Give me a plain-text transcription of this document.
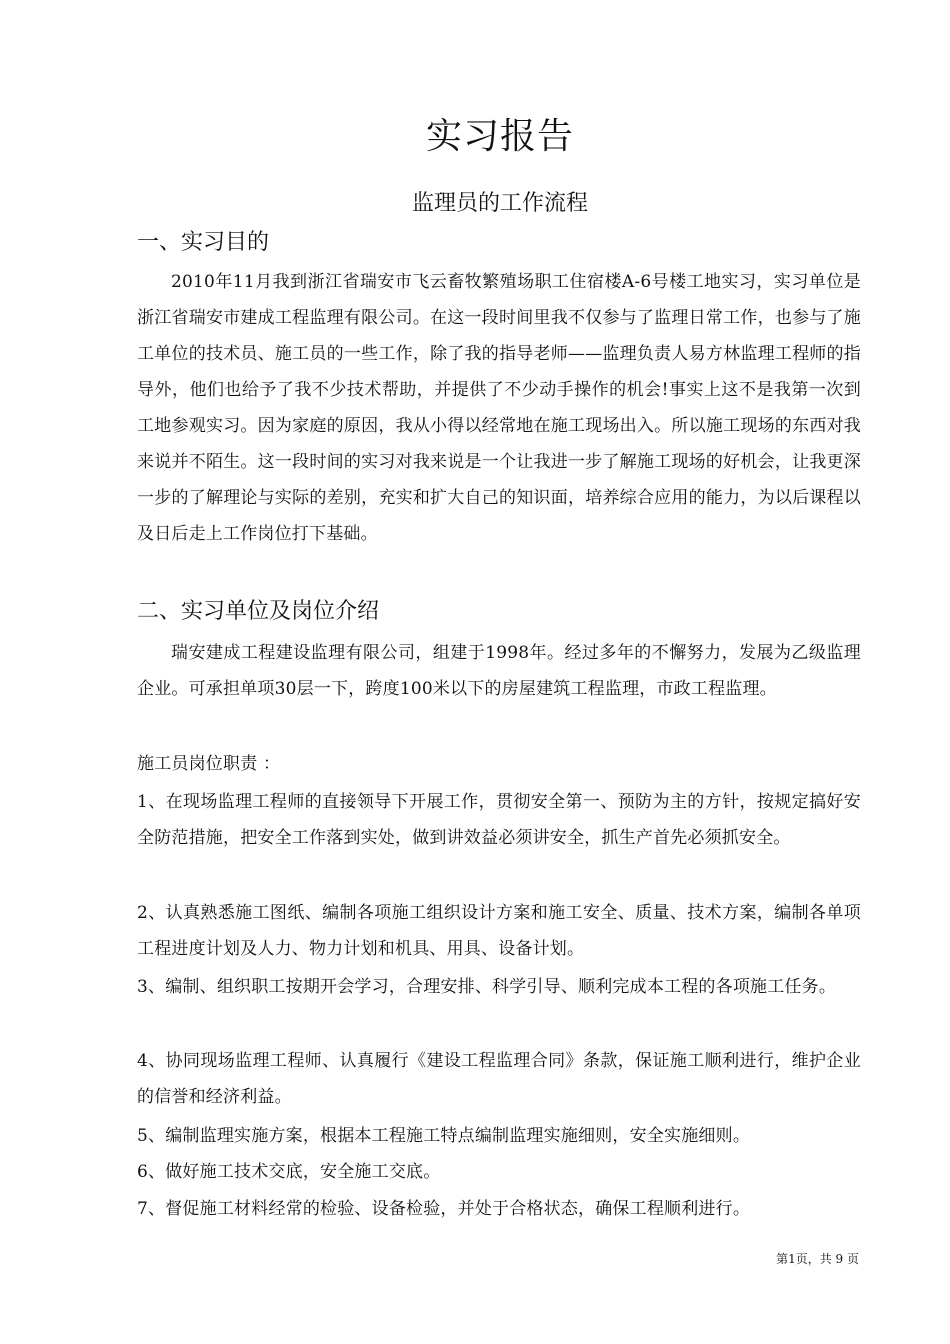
实习报告
监理员的工作流程
一、实习目的
2010年11月我到浙江省瑞安市飞云畜牧繁殖场职工住宿楼A-6号楼工地实习，实习单位是浙江省瑞安市建成工程监理有限公司。在这一段时间里我不仅参与了监理日常工作，也参与了施工单位的技术员、施工员的一些工作，除了我的指导老师——监理负责人易方林监理工程师的指导外，他们也给予了我不少技术帮助，并提供了不少动手操作的机会!事实上这不是我第一次到工地参观实习。因为家庭的原因，我从小得以经常地在施工现场出入。所以施工现场的东西对我来说并不陌生。这一段时间的实习对我来说是一个让我进一步了解施工现场的好机会，让我更深一步的了解理论与实际的差别，充实和扩大自己的知识面，培养综合应用的能力，为以后课程以及日后走上工作岗位打下基础。
二、实习单位及岗位介绍
瑞安建成工程建设监理有限公司，组建于1998年。经过多年的不懈努力，发展为乙级监理企业。可承担单项30层一下，跨度100米以下的房屋建筑工程监理，市政工程监理。
施工员岗位职责 ：
1、在现场监理工程师的直接领导下开展工作，贯彻安全第一、预防为主的方针，按规定搞好安全防范措施，把安全工作落到实处，做到讲效益必须讲安全，抓生产首先必须抓安全。
2、认真熟悉施工图纸、编制各项施工组织设计方案和施工安全、质量、技术方案，编制各单项工程进度计划及人力、物力计划和机具、用具、设备计划。
3、编制、组织职工按期开会学习，合理安排、科学引导、顺利完成本工程的各项施工任务。
4、协同现场监理工程师、认真履行《建设工程监理合同》条款，保证施工顺利进行，维护企业的信誉和经济利益。
5、编制监理实施方案，根据本工程施工特点编制监理实施细则，安全实施细则。
6、做好施工技术交底，安全施工交底。
7、督促施工材料经常的检验、设备检验，并处于合格状态，确保工程顺利进行。
第1页，共 9 页
